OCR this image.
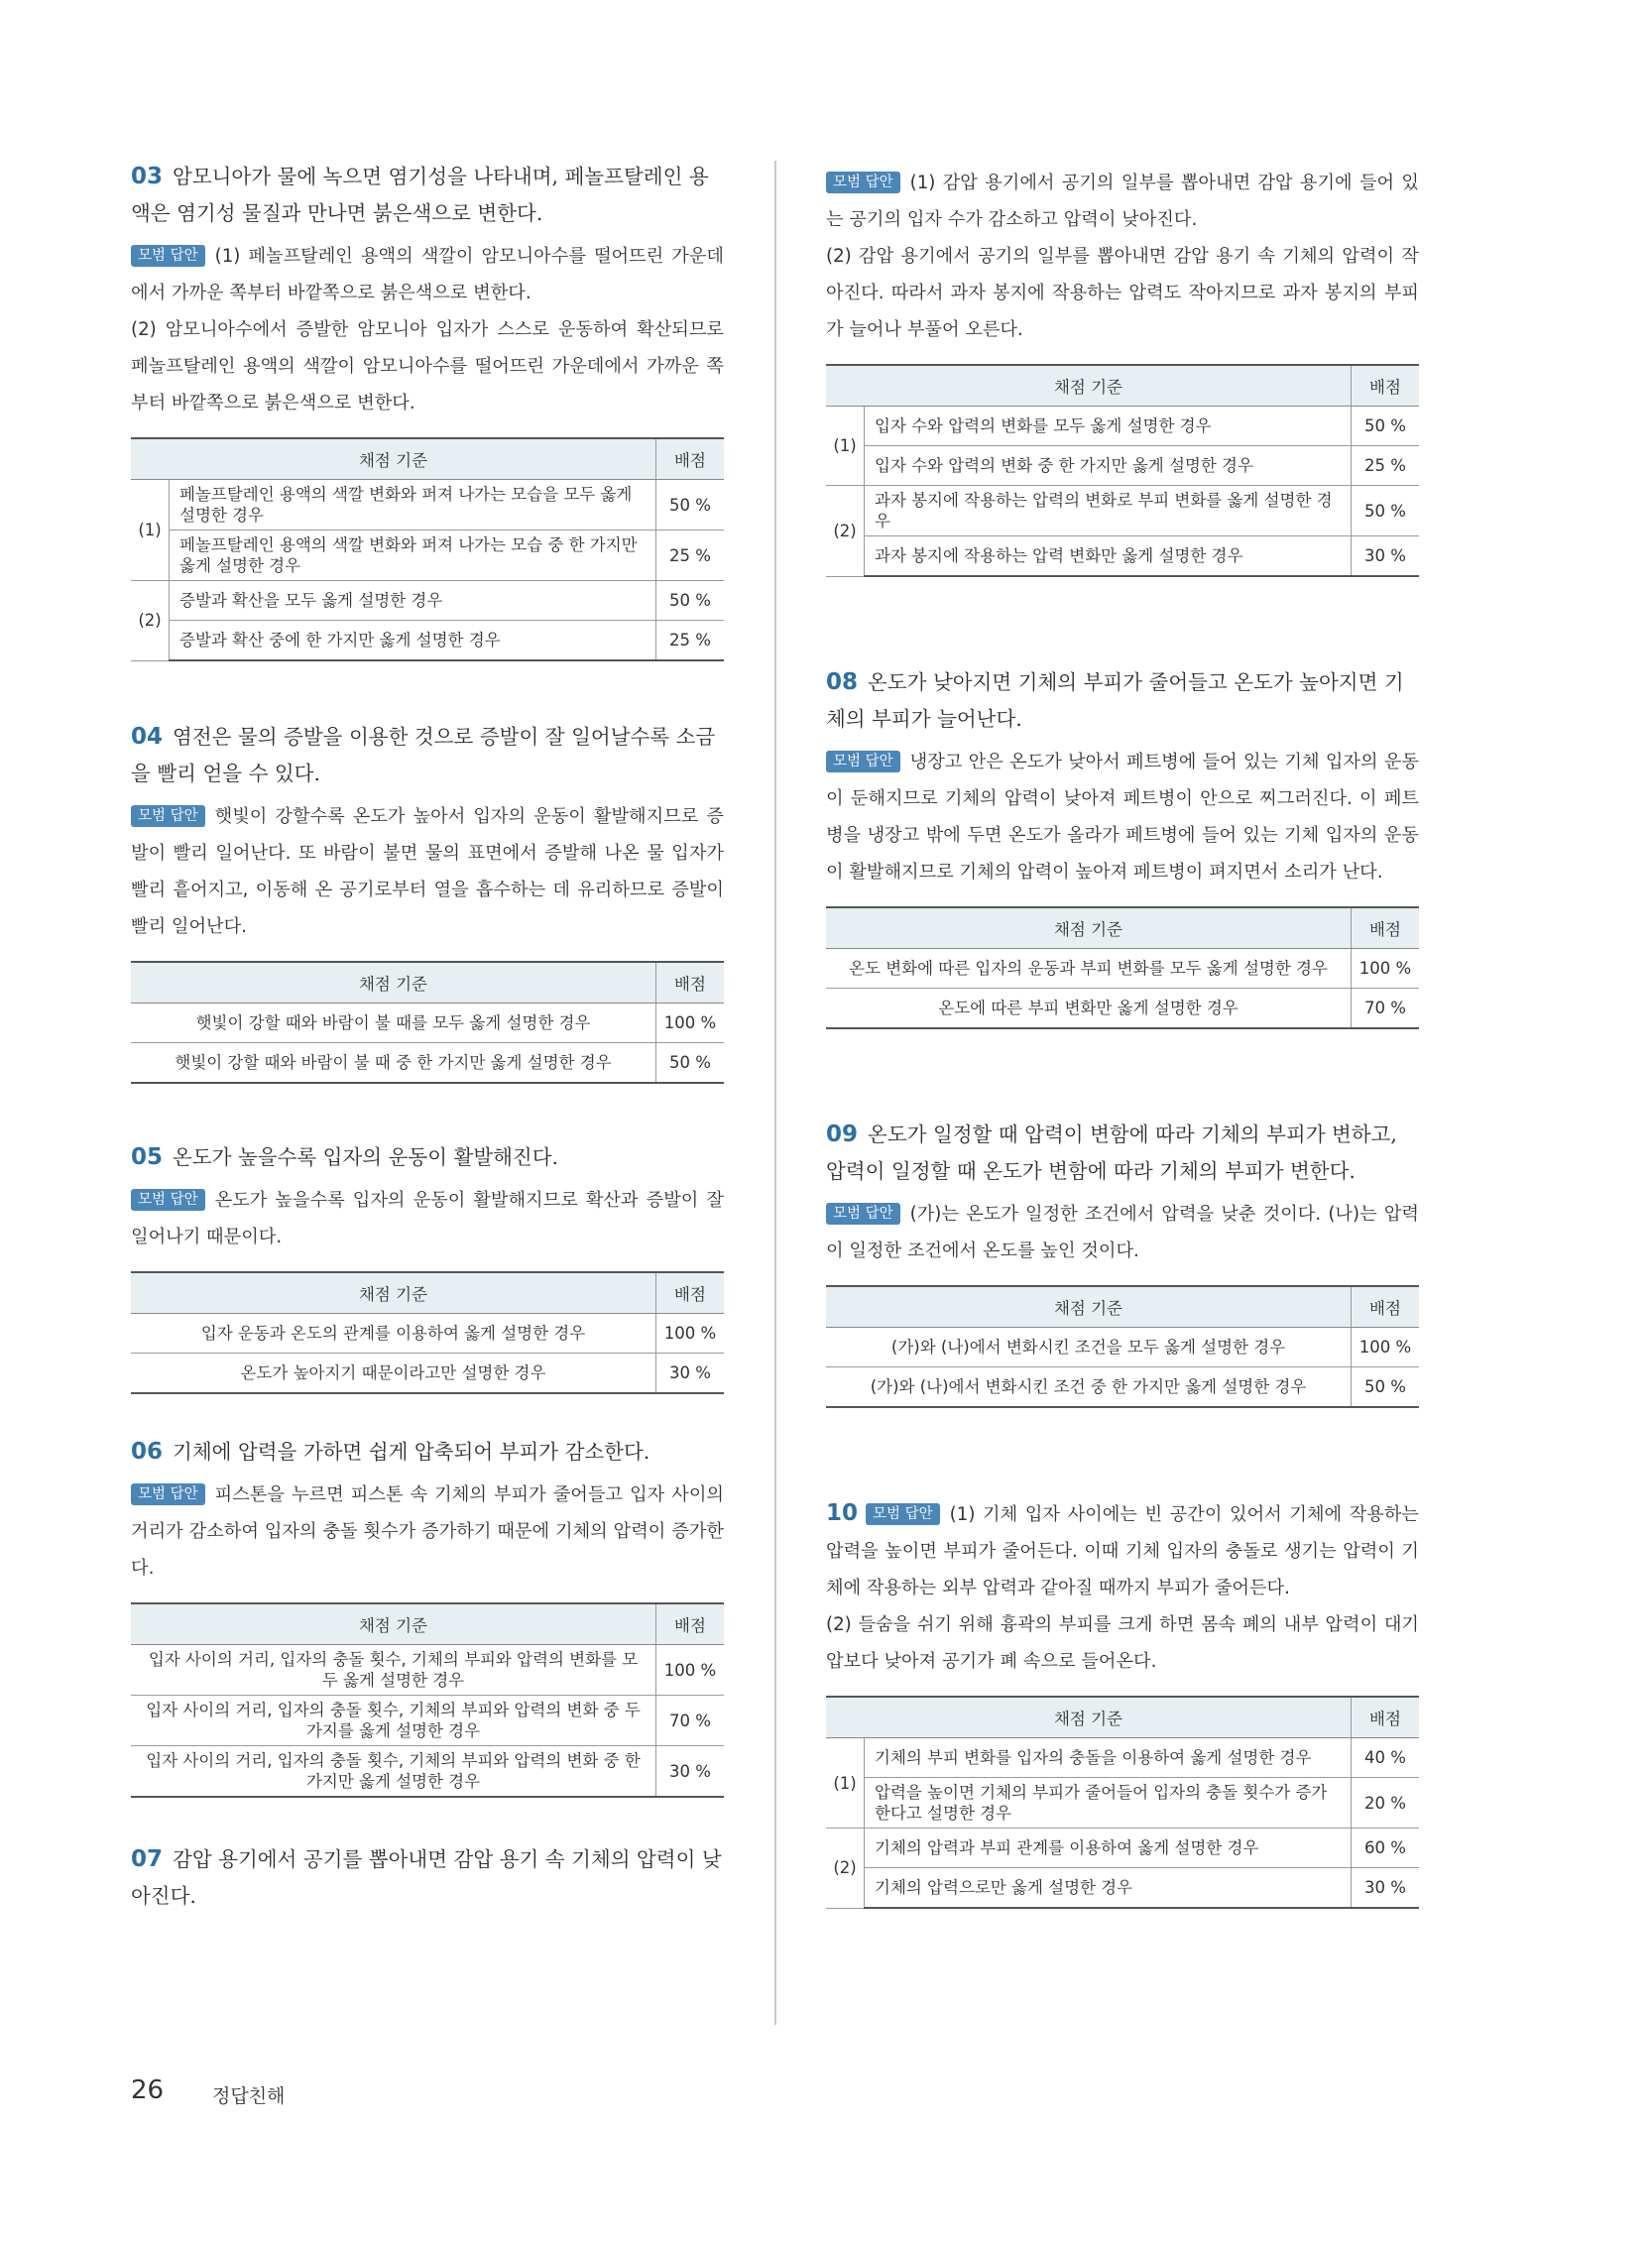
03 암모니아가 물에 녹으면 염기성을 나타내며, 페놀프탈레인 용액은 염기성 물질과 만나면 붉은색으로 변한다.

모범 답안 (1) 페놀프탈레인 용액의 색깔이 암모니아수를 떨어뜨린 가운데에서 가까운 쪽부터 바깥쪽으로 붉은색으로 변한다.

(2) 암모니아수에서 증발한 암모니아 입자가 스스로 운동하여 확산되므로 페놀프탈레인 용액의 색깔이 암모니아수를 떨어뜨린 가운데에서 가까운 쪽부터 바깥쪽으로 붉은색으로 변한다.

채점 기준		배점
(1)	페놀프탈레인 용액의 색깔 변화와 퍼져 나가는 모습을 모두 옳게 설명한 경우	50 %
	페놀프탈레인 용액의 색깔 변화와 퍼져 나가는 모습 중 한 가지만 옳게 설명한 경우	25 %
(2)	증발과 확산을 모두 옳게 설명한 경우	50 %
	증발과 확산 중에 한 가지만 옳게 설명한 경우	25 %

04 염전은 물의 증발을 이용한 것으로 증발이 잘 일어날수록 소금을 빨리 얻을 수 있다.

모범 답안 햇빛이 강할수록 온도가 높아서 입자의 운동이 활발해지므로 증발이 빨리 일어난다. 또 바람이 불면 물의 표면에서 증발해 나온 물 입자가 빨리 흩어지고, 이동해 온 공기로부터 열을 흡수하는 데 유리하므로 증발이 빨리 일어난다.

채점 기준	배점
햇빛이 강할 때와 바람이 불 때를 모두 옳게 설명한 경우	100 %
햇빛이 강할 때와 바람이 불 때 중 한 가지만 옳게 설명한 경우	50 %

05 온도가 높을수록 입자의 운동이 활발해진다.

모범 답안 온도가 높을수록 입자의 운동이 활발해지므로 확산과 증발이 잘 일어나기 때문이다.

채점 기준	배점
입자 운동과 온도의 관계를 이용하여 옳게 설명한 경우	100 %
온도가 높아지기 때문이라고만 설명한 경우	30 %

06 기체에 압력을 가하면 쉽게 압축되어 부피가 감소한다.

모범 답안 피스톤을 누르면 피스톤 속 기체의 부피가 줄어들고 입자 사이의 거리가 감소하여 입자의 충돌 횟수가 증가하기 때문에 기체의 압력이 증가한다.

채점 기준	배점
입자 사이의 거리, 입자의 충돌 횟수, 기체의 부피와 압력의 변화를 모두 옳게 설명한 경우	100 %
입자 사이의 거리, 입자의 충돌 횟수, 기체의 부피와 압력의 변화 중 두 가지를 옳게 설명한 경우	70 %
입자 사이의 거리, 입자의 충돌 횟수, 기체의 부피와 압력의 변화 중 한 가지만 옳게 설명한 경우	30 %

07 감압 용기에서 공기를 뽑아내면 감압 용기 속 기체의 압력이 낮아진다.

모범 답안 (1) 감압 용기에서 공기의 일부를 뽑아내면 감압 용기에 들어 있는 공기의 입자 수가 감소하고 압력이 낮아진다.

(2) 감압 용기에서 공기의 일부를 뽑아내면 감압 용기 속 기체의 압력이 작아진다. 따라서 과자 봉지에 작용하는 압력도 작아지므로 과자 봉지의 부피가 늘어나 부풀어 오른다.

채점 기준		배점
(1)	입자 수와 압력의 변화를 모두 옳게 설명한 경우	50 %
	입자 수와 압력의 변화 중 한 가지만 옳게 설명한 경우	25 %
(2)	과자 봉지에 작용하는 압력의 변화로 부피 변화를 옳게 설명한 경우	50 %
	과자 봉지에 작용하는 압력 변화만 옳게 설명한 경우	30 %

08 온도가 낮아지면 기체의 부피가 줄어들고 온도가 높아지면 기체의 부피가 늘어난다.

모범 답안 냉장고 안은 온도가 낮아서 페트병에 들어 있는 기체 입자의 운동이 둔해지므로 기체의 압력이 낮아져 페트병이 안으로 찌그러진다. 이 페트병을 냉장고 밖에 두면 온도가 올라가 페트병에 들어 있는 기체 입자의 운동이 활발해지므로 기체의 압력이 높아져 페트병이 펴지면서 소리가 난다.

채점 기준	배점
온도 변화에 따른 입자의 운동과 부피 변화를 모두 옳게 설명한 경우	100 %
온도에 따른 부피 변화만 옳게 설명한 경우	70 %

09 온도가 일정할 때 압력이 변함에 따라 기체의 부피가 변하고, 압력이 일정할 때 온도가 변함에 따라 기체의 부피가 변한다.

모범 답안 (가)는 온도가 일정한 조건에서 압력을 낮춘 것이다. (나)는 압력이 일정한 조건에서 온도를 높인 것이다.

채점 기준	배점
(가)와 (나)에서 변화시킨 조건을 모두 옳게 설명한 경우	100 %
(가)와 (나)에서 변화시킨 조건 중 한 가지만 옳게 설명한 경우	50 %

10 모범 답안 (1) 기체 입자 사이에는 빈 공간이 있어서 기체에 작용하는 압력을 높이면 부피가 줄어든다. 이때 기체 입자의 충돌로 생기는 압력이 기체에 작용하는 외부 압력과 같아질 때까지 부피가 줄어든다.

(2) 들숨을 쉬기 위해 흉곽의 부피를 크게 하면 몸속 폐의 내부 압력이 대기압보다 낮아져 공기가 폐 속으로 들어온다.

채점 기준		배점
(1)	기체의 부피 변화를 입자의 충돌을 이용하여 옳게 설명한 경우	40 %
	압력을 높이면 기체의 부피가 줄어들어 입자의 충돌 횟수가 증가한다고 설명한 경우	20 %
(2)	기체의 압력과 부피 관계를 이용하여 옳게 설명한 경우	60 %
	기체의 압력으로만 옳게 설명한 경우	30 %
26	정답친해
